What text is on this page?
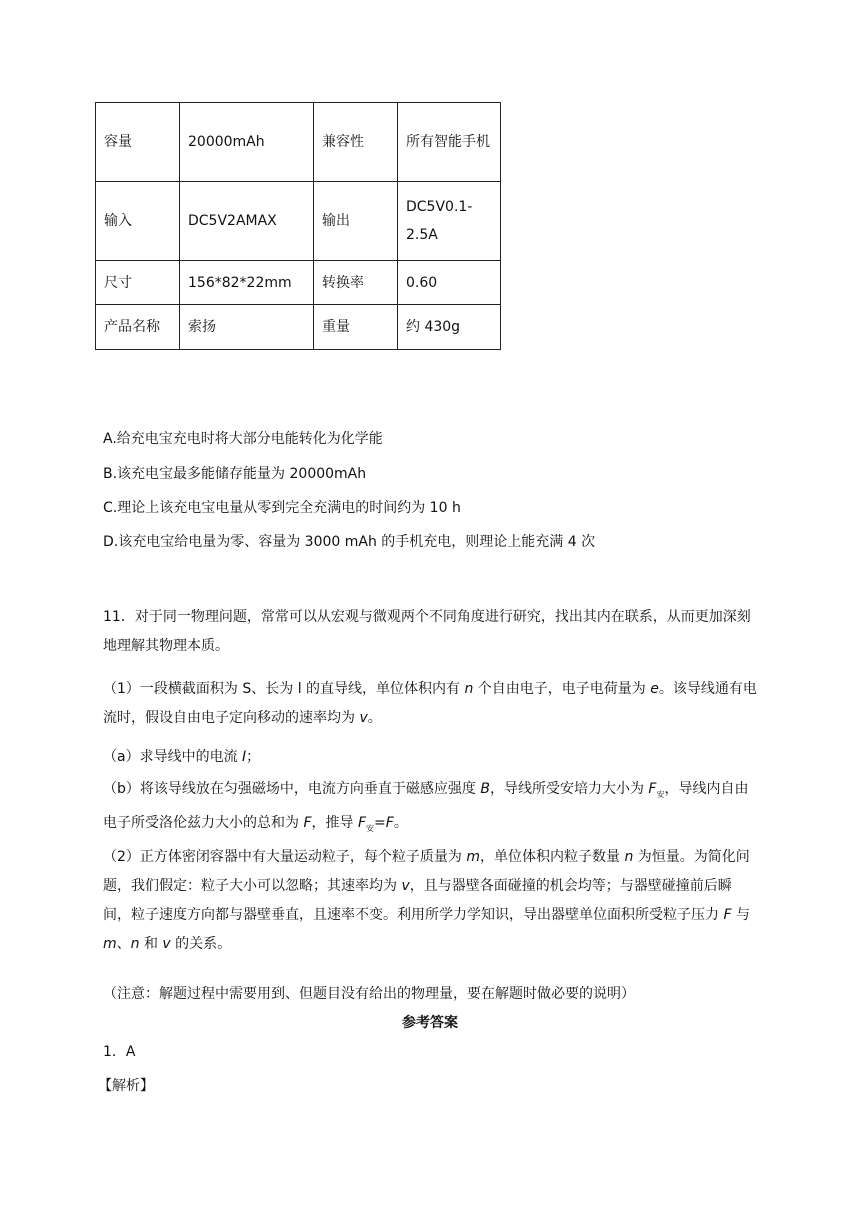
容量	20000mAh	兼容性	所有智能手机
输入	DC5V2AMAX	输出	DC5V0.1-2.5A
尺寸	156*82*22mm	转换率	0.60
产品名称	索扬	重量	约 430g
A.给充电宝充电时将大部分电能转化为化学能
B.该充电宝最多能储存能量为 20000mAh
C.理论上该充电宝电量从零到完全充满电的时间约为 10 h
D.该充电宝给电量为零、容量为 3000 mAh 的手机充电，则理论上能充满 4 次
11．对于同一物理问题，常常可以从宏观与微观两个不同角度进行研究，找出其内在联系，从而更加深刻地理解其物理本质。
（1）一段横截面积为 S、长为 l 的直导线，单位体积内有 n 个自由电子，电子电荷量为 e。该导线通有电流时，假设自由电子定向移动的速率均为 v。
（a）求导线中的电流 I；
（b）将该导线放在匀强磁场中，电流方向垂直于磁感应强度 B，导线所受安培力大小为 $F_安$，导线内自由电子所受洛伦兹力大小的总和为 F，推导 $F_安=F$。
（2）正方体密闭容器中有大量运动粒子，每个粒子质量为 m，单位体积内粒子数量 n 为恒量。为简化问题，我们假定：粒子大小可以忽略；其速率均为 v，且与器壁各面碰撞的机会均等；与器壁碰撞前后瞬间，粒子速度方向都与器壁垂直，且速率不变。利用所学力学知识，导出器壁单位面积所受粒子压力 F 与 m、n 和 v 的关系。
（注意：解题过程中需要用到、但题目没有给出的物理量，要在解题时做必要的说明）
参考答案
1．A
【解析】
